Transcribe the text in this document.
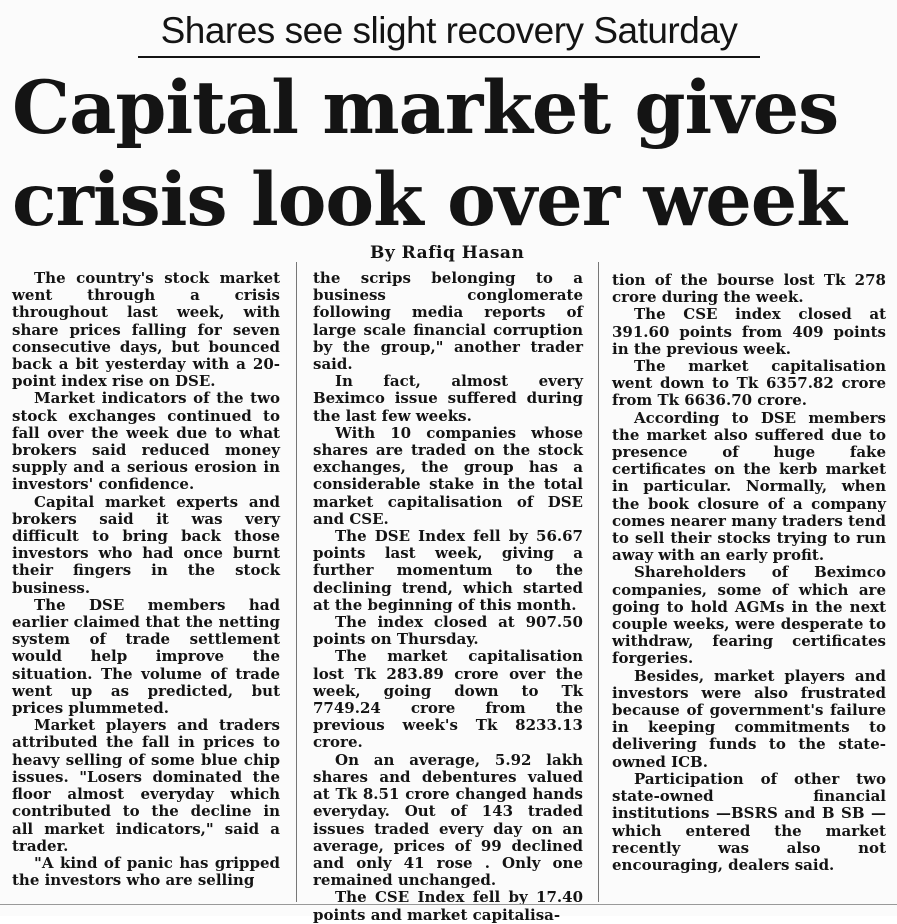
Shares see slight recovery Saturday
Capital market gives
crisis look over week
By Rafiq Hasan

The country's stock market went through a crisis throughout last week, with share prices falling for seven consecutive days, but bounced back a bit yesterday with a 20-point index rise on DSE.

Market indicators of the two stock exchanges continued to fall over the week due to what brokers said reduced money supply and a serious erosion in investors' confidence.

Capital market experts and brokers said it was very difficult to bring back those investors who had once burnt their fingers in the stock business.

The DSE members had earlier claimed that the netting system of trade settlement would help improve the situation. The volume of trade went up as predicted, but prices plummeted.

Market players and traders attributed the fall in prices to heavy selling of some blue chip issues. "Losers dominated the floor almost everyday which contributed to the decline in all market indicators," said a trader.

"A kind of panic has gripped the investors who are selling

the scrips belonging to a business conglomerate following media reports of large scale financial corruption by the group," another trader said.

In fact, almost every Beximco issue suffered during the last few weeks.

With 10 companies whose shares are traded on the stock exchanges, the group has a considerable stake in the total market capitalisation of DSE and CSE.

The DSE Index fell by 56.67 points last week, giving a further momentum to the declining trend, which started at the beginning of this month.

The index closed at 907.50 points on Thursday.

The market capitalisation lost Tk 283.89 crore over the week, going down to Tk 7749.24 crore from the previous week's Tk 8233.13 crore.

On an average, 5.92 lakh shares and debentures valued at Tk 8.51 crore changed hands everyday. Out of 143 traded issues traded every day on an average, prices of 99 declined and only 41 rose . Only one remained unchanged.

The CSE Index fell by 17.40 points and market capitalisa-

tion of the bourse lost Tk 278 crore during the week.

The CSE index closed at 391.60 points from 409 points in the previous week.

The market capitalisation went down to Tk 6357.82 crore from Tk 6636.70 crore.

According to DSE members the market also suffered due to presence of huge fake certificates on the kerb market in particular. Normally, when the book closure of a company comes nearer many traders tend to sell their stocks trying to run away with an early profit.

Shareholders of Beximco companies, some of which are going to hold AGMs in the next couple weeks, were desperate to withdraw, fearing certificates forgeries.

Besides, market players and investors were also frustrated because of government's failure in keeping commitments to delivering funds to the state-owned ICB.

Participation of other two state-owned financial institutions —BSRS and B SB — which entered the market recently was also not encouraging, dealers said.
